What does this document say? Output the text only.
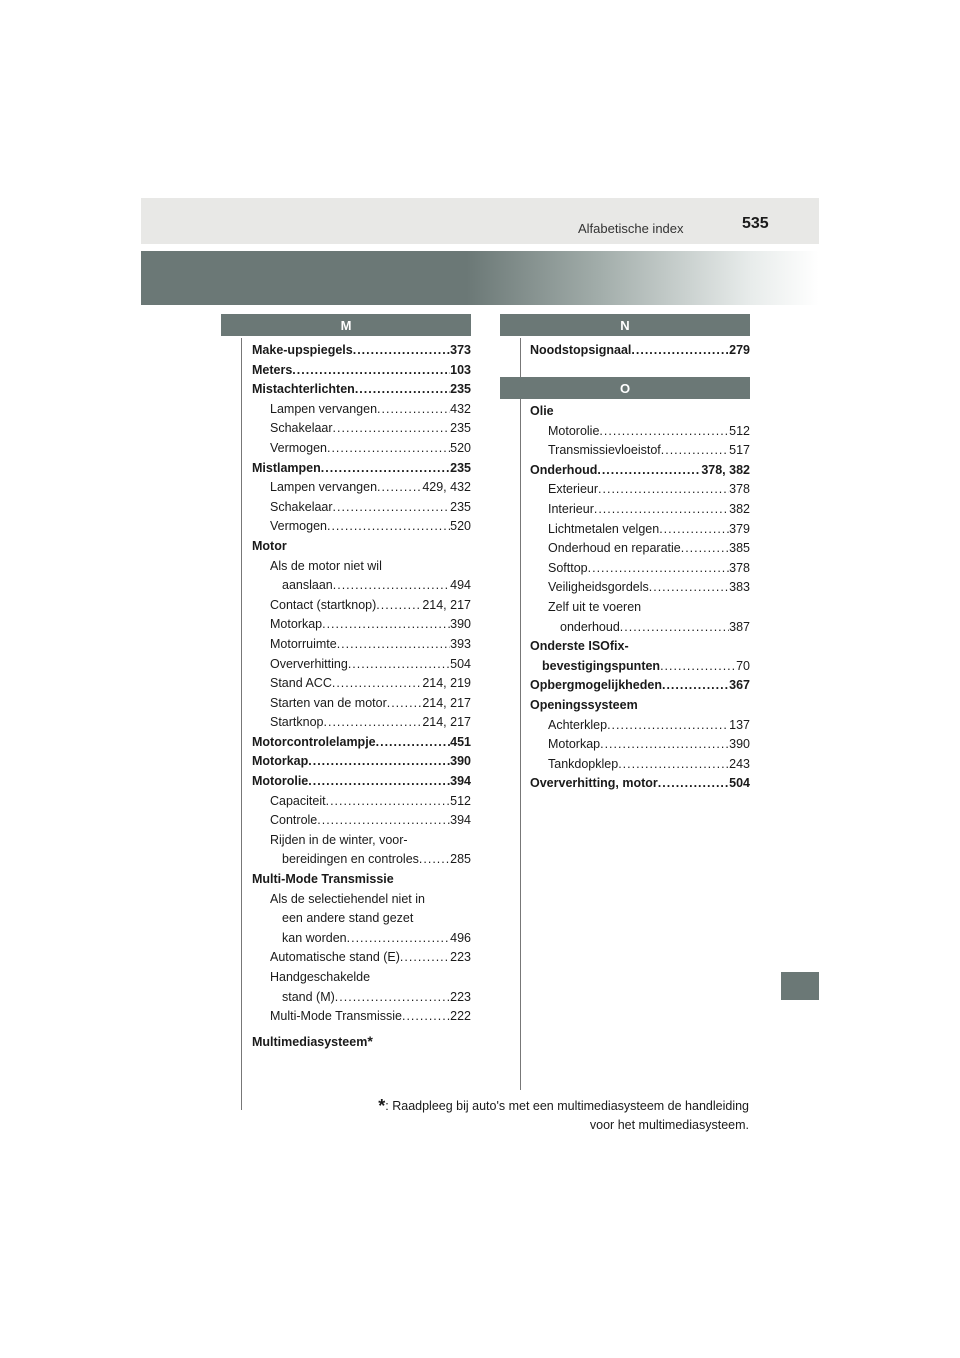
535
Alfabetische index
M	N
O
Make-upspiegels .....	373
Meters .....	103
Mistachterlichten .....	235
Lampen vervangen .....	432
Schakelaar .....	235
Vermogen .....	520
Mistlampen .....	235
Lampen vervangen .....	429, 432
Schakelaar .....	235
Vermogen .....	520
Motor
Als de motor niet wil
aanslaan .....	494
Contact (startknop) .....	214, 217
Motorkap .....	390
Motorruimte .....	393
Oververhitting .....	504
Stand ACC .....	214, 219
Starten van de motor .....	214, 217
Startknop .....	214, 217
Motorcontrolelampje .....	451
Motorkap .....	390
Motorolie .....	394
Capaciteit .....	512
Controle .....	394
Rijden in de winter, voor-
bereidingen en controles ..... 285
Multi-Mode Transmissie
Als de selectiehendel niet in
een andere stand gezet
kan worden .....	496
Automatische stand (E) .....	223
Handgeschakelde
stand (M) .....	223
Multi-Mode Transmissie .....	222
Multimediasysteem *
Noodstopsignaal .....	279
Olie
Motorolie .....	512
Transmissievloeistof .....	517
Onderhoud .....	378, 382
Exterieur .....	378
Interieur .....	382
Lichtmetalen velgen .....	379
Onderhoud en reparatie .....	385
Softtop .....	378
Veiligheidsgordels .....	383
Zelf uit te voeren
onderhoud .....	387
Onderste ISOfix-
bevestigingspunten .....	70
Opbergmogelijkheden .....	367
Openingssysteem
Achterklep .....	137
Motorkap .....	390
Tankdopklep .....	243
Oververhitting, motor .....	504
*: Raadpleeg bij auto's met een multimediasysteem de handleiding
voor het multimediasysteem.
